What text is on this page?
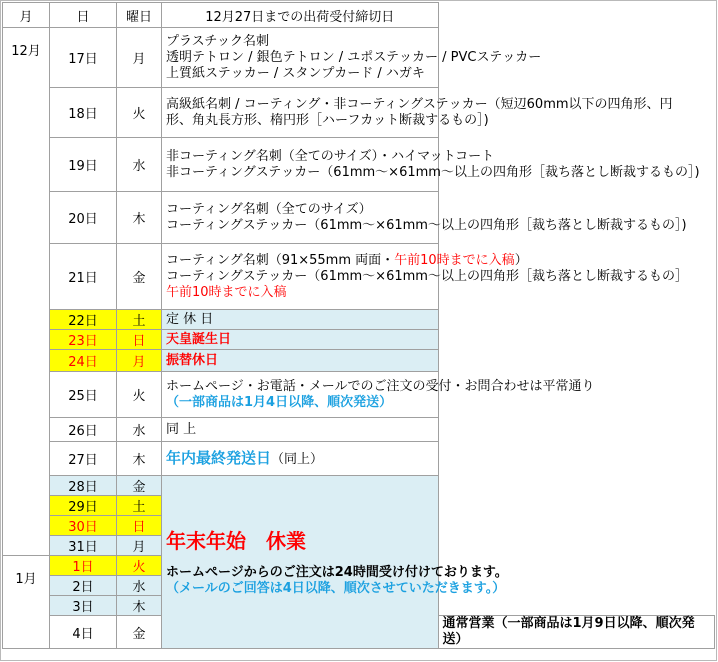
月	日	曜日	12月27日までの出荷受付締切日	
12月	17日	月	プラスチック名刺
透明テトロン / 銀色テトロン / ユポステッカー / PVCステッカー
上質紙ステッカー / スタンプカード / ハガキ	

	18日	火	高級紙名刺 / コーティング・非コーティングステッカー（短辺60mm以下の四角形、円
形、角丸長方形、楕円形［ハーフカット断裁するもの］)	

	19日	水	非コーティング名刺（全てのサイズ）・ハイマットコート
非コーティングステッカー（61mm～×61mm～以上の四角形［裁ち落とし断裁するもの］)	

	20日	木	コーティング名刺（全てのサイズ）
コーティングステッカー（61mm～×61mm～以上の四角形［裁ち落とし断裁するもの］)	

	21日	金	コーティング名刺（91×55mm 両面・午前10時までに入稿）
コーティングステッカー（61mm～×61mm～以上の四角形［裁ち落とし断裁するもの］
午前10時までに入稿	

	22日	土	定 休 日	
	23日	日	天皇誕生日	
	24日	月	振替休日	
	25日	火	ホームページ・お電話・メールでのご注文の受付・お問合わせは平常通り
（一部商品は1月4日以降、順次発送）	

	26日	水	同 上	
	27日	木	年内最終発送日（同上）	
	28日	金	年末年始　休業
ホームページからのご注文は24時間受け付けております。
（メールのご回答は4日以降、順次させていただきます。）	

	29日	土		
	30日	日		
	31日	月		
1月	1日	火		
	2日	水		
	3日	木		
	4日	金		通常営業（一部商品は1月9日以降、順次発送）
